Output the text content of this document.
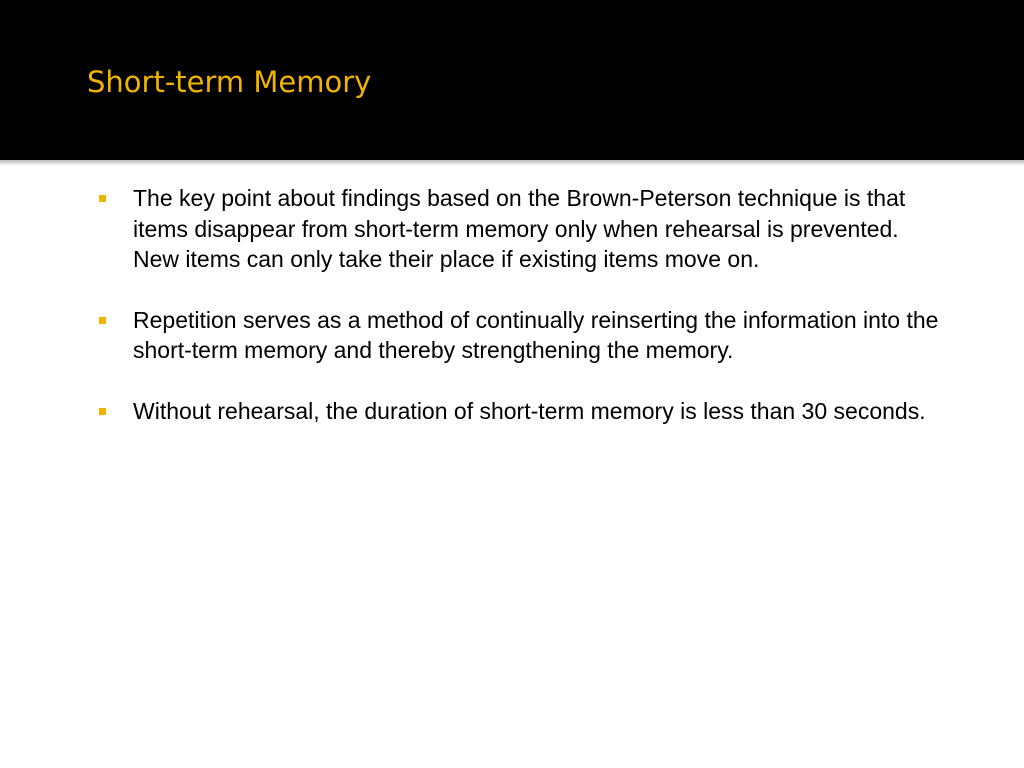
Short-term Memory
The key point about findings based on the Brown-Peterson technique is that items disappear from short-term memory only when rehearsal is prevented. New items can only take their place if existing items move on.
Repetition serves as a method of continually reinserting the information into the short-term memory and thereby strengthening the memory.
Without rehearsal, the duration of short-term memory is less than 30 seconds.
